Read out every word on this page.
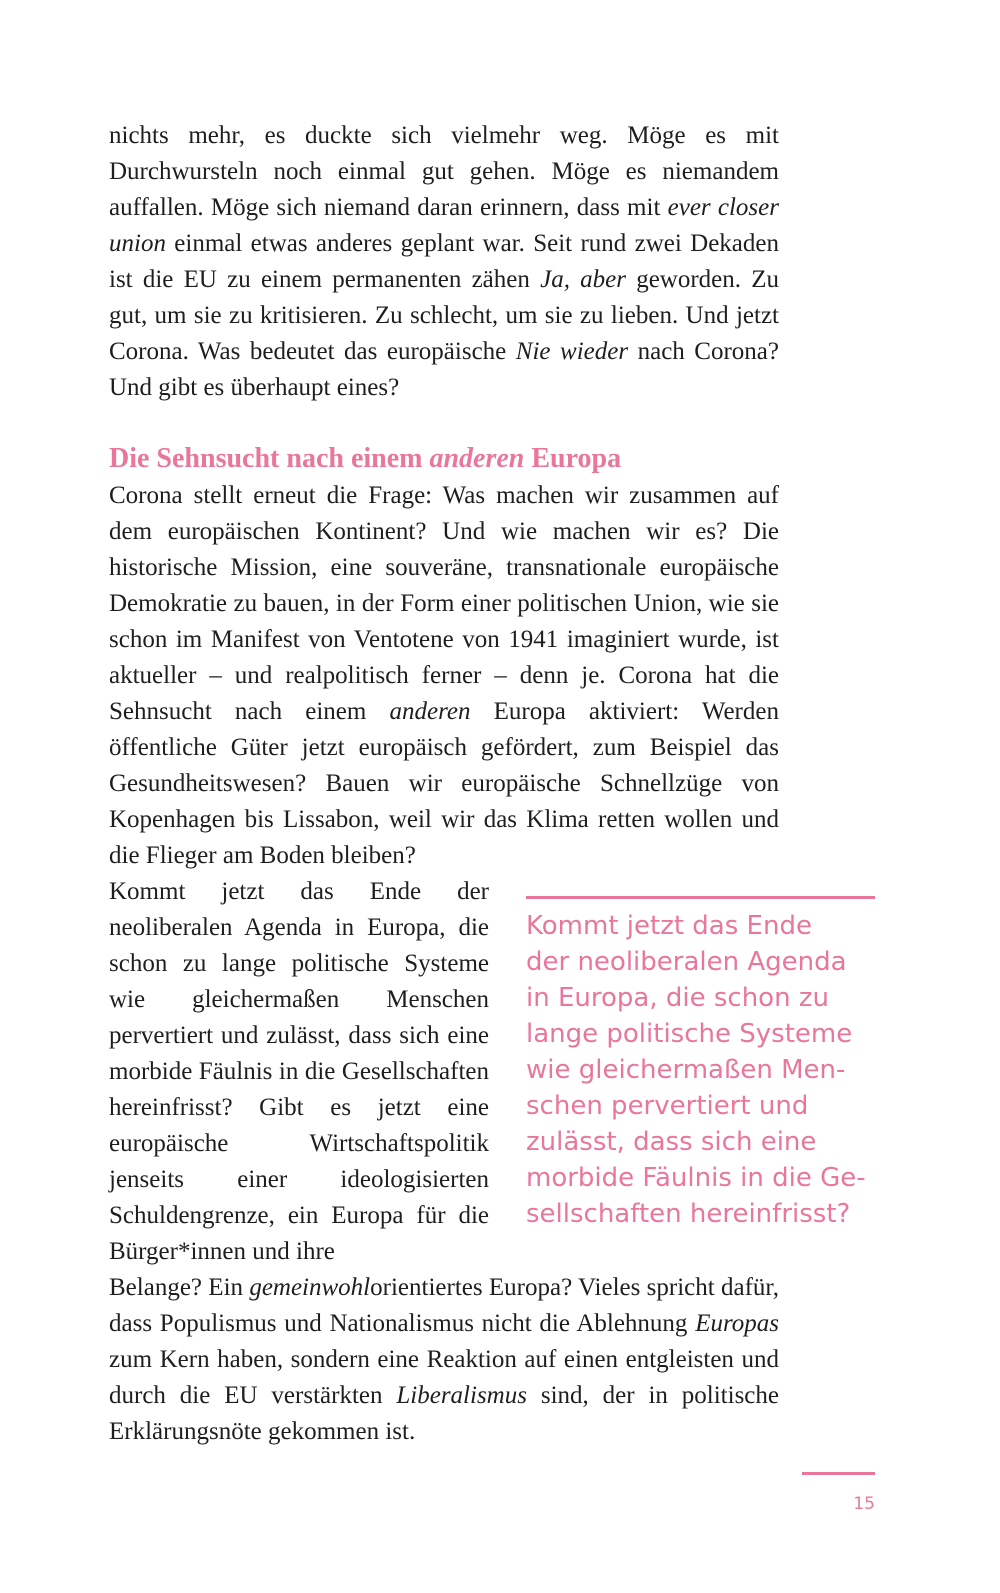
nichts mehr, es duckte sich vielmehr weg. Möge es mit Durchwursteln noch einmal gut gehen. Möge es niemandem auffallen. Möge sich niemand daran erinnern, dass mit ever closer union einmal etwas anderes geplant war. Seit rund zwei Dekaden ist die EU zu einem permanenten zähen Ja, aber geworden. Zu gut, um sie zu kritisieren. Zu schlecht, um sie zu lieben. Und jetzt Corona. Was bedeutet das europäische Nie wieder nach Corona? Und gibt es überhaupt eines?

Die Sehnsucht nach einem anderen Europa

Corona stellt erneut die Frage: Was machen wir zusammen auf dem europäischen Kontinent? Und wie machen wir es? Die historische Mission, eine souveräne, transnationale europäische Demokratie zu bauen, in der Form einer politischen Union, wie sie schon im Manifest von Ventotene von 1941 imaginiert wurde, ist aktueller – und realpolitisch ferner – denn je. Corona hat die Sehnsucht nach einem anderen Europa aktiviert: Werden öffentliche Güter jetzt europäisch gefördert, zum Beispiel das Gesundheitswesen? Bauen wir europäische Schnellzüge von Kopenhagen bis Lissabon, weil wir das Klima retten wollen und die Flieger am Boden bleiben?

Kommt jetzt das Ende der neoliberalen Agenda in Europa, die schon zu lange politische Systeme wie gleichermaßen Menschen pervertiert und zulässt, dass sich eine morbide Fäulnis in die Gesellschaften hereinfrisst? Gibt es jetzt eine europäische Wirtschaftspolitik jenseits einer ideologisierten Schuldengrenze, ein Europa für die Bürger*innen und ihre

Kommt jetzt das Ende
der neoliberalen Agenda
in Europa, die schon zu
lange politische Systeme
wie gleichermaßen Men-
schen pervertiert und
zulässt, dass sich eine
morbide Fäulnis in die Ge-
sellschaften hereinfrisst?

Belange? Ein gemeinwohlorientiertes Europa? Vieles spricht dafür, dass Populismus und Nationalismus nicht die Ablehnung Europas zum Kern haben, sondern eine Reaktion auf einen entgleisten und durch die EU verstärkten Liberalismus sind, der in politische Erklärungsnöte gekommen ist.

15
